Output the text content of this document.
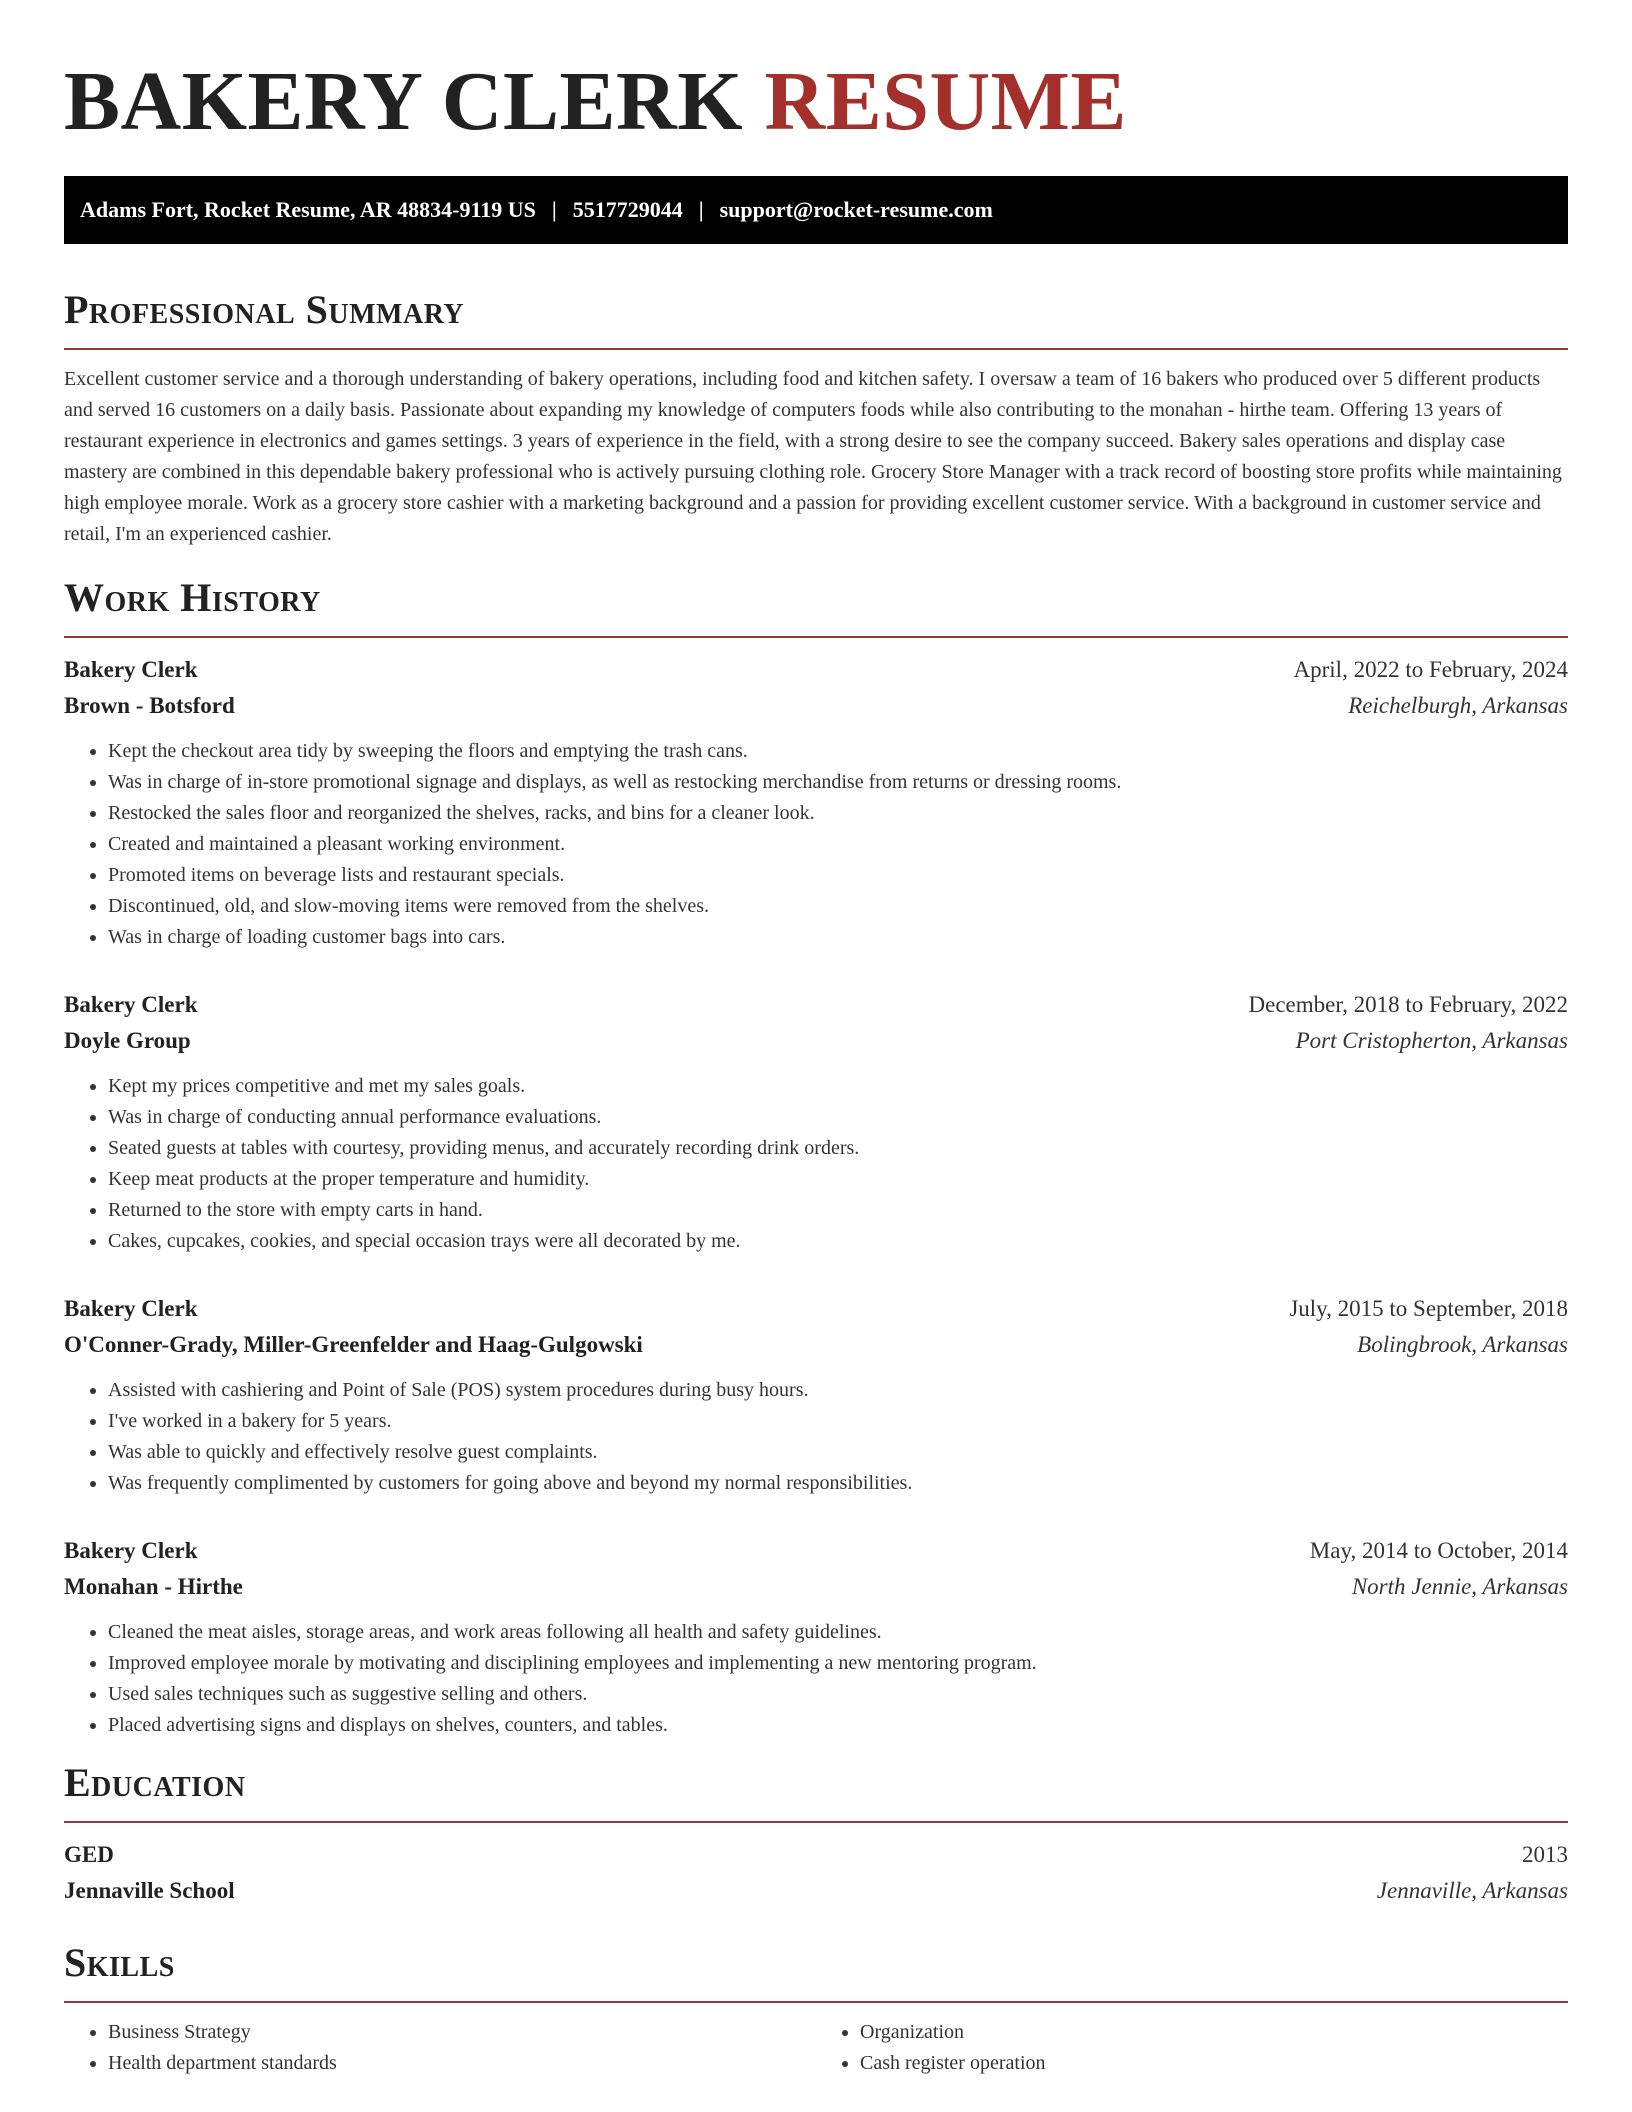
BAKERY CLERK RESUME
Adams Fort, Rocket Resume, AR 48834-9119 US | 5517729044 | support@rocket-resume.com
Professional Summary

Excellent customer service and a thorough understanding of bakery operations, including food and kitchen safety. I oversaw a team of 16 bakers who produced over 5 different products and served 16 customers on a daily basis. Passionate about expanding my knowledge of computers foods while also contributing to the monahan - hirthe team. Offering 13 years of restaurant experience in electronics and games settings. 3 years of experience in the field, with a strong desire to see the company succeed. Bakery sales operations and display case mastery are combined in this dependable bakery professional who is actively pursuing clothing role. Grocery Store Manager with a track record of boosting store profits while maintaining high employee morale. Work as a grocery store cashier with a marketing background and a passion for providing excellent customer service. With a background in customer service and retail, I'm an experienced cashier.

Work History
Bakery Clerk	April, 2022 to February, 2024
Brown - Botsford	Reichelburgh, Arkansas
• Kept the checkout area tidy by sweeping the floors and emptying the trash cans.
• Was in charge of in-store promotional signage and displays, as well as restocking merchandise from returns or dressing rooms.
• Restocked the sales floor and reorganized the shelves, racks, and bins for a cleaner look.
• Created and maintained a pleasant working environment.
• Promoted items on beverage lists and restaurant specials.
• Discontinued, old, and slow-moving items were removed from the shelves.
• Was in charge of loading customer bags into cars.
Bakery Clerk	December, 2018 to February, 2022
Doyle Group	Port Cristopherton, Arkansas
• Kept my prices competitive and met my sales goals.
• Was in charge of conducting annual performance evaluations.
• Seated guests at tables with courtesy, providing menus, and accurately recording drink orders.
• Keep meat products at the proper temperature and humidity.
• Returned to the store with empty carts in hand.
• Cakes, cupcakes, cookies, and special occasion trays were all decorated by me.
Bakery Clerk	July, 2015 to September, 2018
O'Conner-Grady, Miller-Greenfelder and Haag-Gulgowski	Bolingbrook, Arkansas
• Assisted with cashiering and Point of Sale (POS) system procedures during busy hours.
• I've worked in a bakery for 5 years.
• Was able to quickly and effectively resolve guest complaints.
• Was frequently complimented by customers for going above and beyond my normal responsibilities.
Bakery Clerk	May, 2014 to October, 2014
Monahan - Hirthe	North Jennie, Arkansas
• Cleaned the meat aisles, storage areas, and work areas following all health and safety guidelines.
• Improved employee morale by motivating and disciplining employees and implementing a new mentoring program.
• Used sales techniques such as suggestive selling and others.
• Placed advertising signs and displays on shelves, counters, and tables.
Education
GED	2013
Jennaville School	Jennaville, Arkansas
Skills
• Business Strategy
• Health department standards
• Organization
• Cash register operation
